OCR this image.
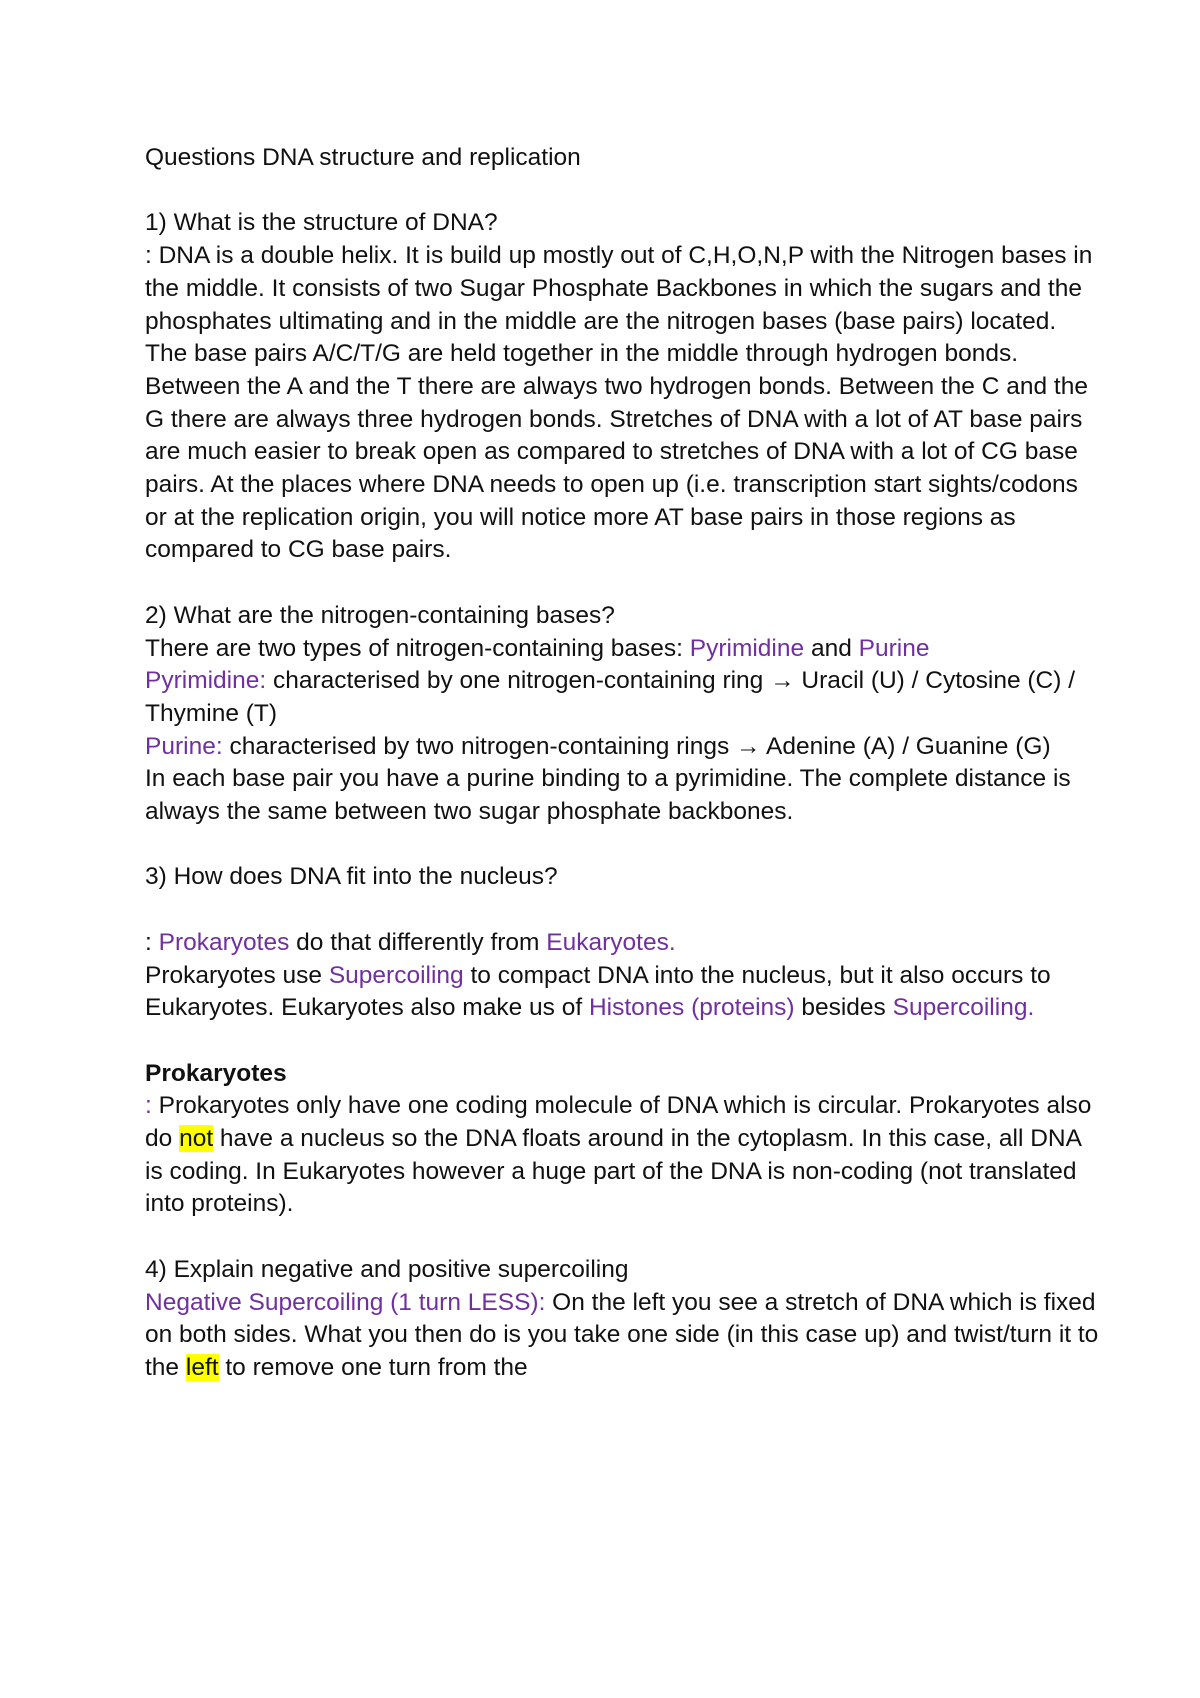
Questions DNA structure and replication

1) What is the structure of DNA?

: DNA is a double helix. It is build up mostly out of C,H,O,N,P with the Nitrogen bases in the middle. It consists of two Sugar Phosphate Backbones in which the sugars and the phosphates ultimating and in the middle are the nitrogen bases (base pairs) located. The base pairs A/C/T/G are held together in the middle through hydrogen bonds. Between the A and the T there are always two hydrogen bonds. Between the C and the G there are always three hydrogen bonds. Stretches of DNA with a lot of AT base pairs are much easier to break open as compared to stretches of DNA with a lot of CG base pairs. At the places where DNA needs to open up (i.e. transcription start sights/codons or at the replication origin, you will notice more AT base pairs in those regions as compared to CG base pairs.

2) What are the nitrogen-containing bases?

There are two types of nitrogen-containing bases: Pyrimidine and Purine

Pyrimidine: characterised by one nitrogen-containing ring → Uracil (U) / Cytosine (C) / Thymine (T)

Purine: characterised by two nitrogen-containing rings → Adenine (A) / Guanine (G)

In each base pair you have a purine binding to a pyrimidine. The complete distance is always the same between two sugar phosphate backbones.

3) How does DNA fit into the nucleus?

: Prokaryotes do that differently from Eukaryotes.

Prokaryotes use Supercoiling to compact DNA into the nucleus, but it also occurs to Eukaryotes. Eukaryotes also make us of Histones (proteins) besides Supercoiling.

Prokaryotes

: Prokaryotes only have one coding molecule of DNA which is circular. Prokaryotes also do not have a nucleus so the DNA floats around in the cytoplasm. In this case, all DNA is coding. In Eukaryotes however a huge part of the DNA is non-coding (not translated into proteins).

4) Explain negative and positive supercoiling

Negative Supercoiling (1 turn LESS): On the left you see a stretch of DNA which is fixed on both sides. What you then do is you take one side (in this case up) and twist/turn it to the left to remove one turn from the
